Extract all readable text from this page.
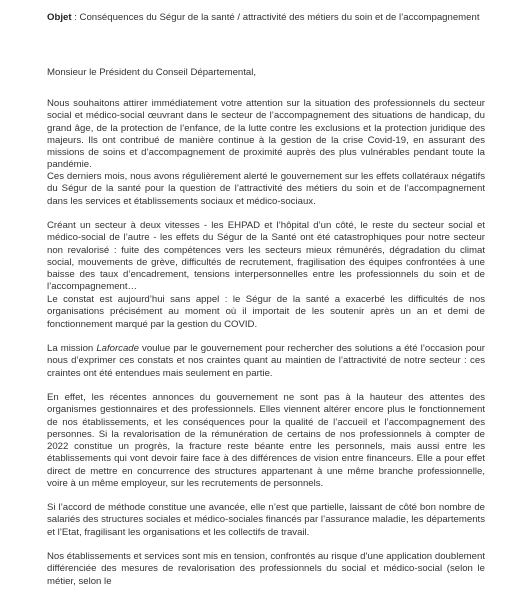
Objet : Conséquences du Ségur de la santé / attractivité des métiers du soin et de l’accompagnement

Monsieur le Président du Conseil Départemental,

Nous souhaitons attirer immédiatement votre attention sur la situation des professionnels du secteur social et médico-social œuvrant dans le secteur de l’accompagnement des situations de handicap, du grand âge, de la protection de l’enfance, de la lutte contre les exclusions et la protection juridique des majeurs. Ils ont contribué de manière continue à la gestion de la crise Covid-19, en assurant des missions de soins et d’accompagnement de proximité auprès des plus vulnérables pendant toute la pandémie.

Ces derniers mois, nous avons régulièrement alerté le gouvernement sur les effets collatéraux négatifs du Ségur de la santé pour la question de l’attractivité des métiers du soin et de l’accompagnement dans les services et établissements sociaux et médico-sociaux.

Créant un secteur à deux vitesses - les EHPAD et l’hôpital d’un côté, le reste du secteur social et médico-social de l’autre - les effets du Ségur de la Santé ont été catastrophiques pour notre secteur non revalorisé : fuite des compétences vers les secteurs mieux rémunérés, dégradation du climat social, mouvements de grève, difficultés de recrutement, fragilisation des équipes confrontées à une baisse des taux d’encadrement, tensions interpersonnelles entre les professionnels du soin et de l’accompagnement…

Le constat est aujourd’hui sans appel : le Ségur de la santé a exacerbé les difficultés de nos organisations précisément au moment où il importait de les soutenir après un an et demi de fonctionnement marqué par la gestion du COVID.

La mission Laforcade voulue par le gouvernement pour rechercher des solutions a été l’occasion pour nous d’exprimer ces constats et nos craintes quant au maintien de l’attractivité de notre secteur : ces craintes ont été entendues mais seulement en partie.

En effet, les récentes annonces du gouvernement ne sont pas à la hauteur des attentes des organismes gestionnaires et des professionnels. Elles viennent altérer encore plus le fonctionnement de nos établissements, et les conséquences pour la qualité de l’accueil et l’accompagnement des personnes. Si la revalorisation de la rémunération de certains de nos professionnels à compter de 2022 constitue un progrès, la fracture reste béante entre les personnels, mais aussi entre les établissements qui vont devoir faire face à des différences de vision entre financeurs. Elle a pour effet direct de mettre en concurrence des structures appartenant à une même branche professionnelle, voire à un même employeur, sur les recrutements de personnels.

Si l’accord de méthode constitue une avancée, elle n’est que partielle, laissant de côté bon nombre de salariés des structures sociales et médico-sociales financés par l’assurance maladie, les départements et l’Etat, fragilisant les organisations et les collectifs de travail.

Nos établissements et services sont mis en tension, confrontés au risque d’une application doublement différenciée des mesures de revalorisation des professionnels du social et médico-social (selon le métier, selon le
